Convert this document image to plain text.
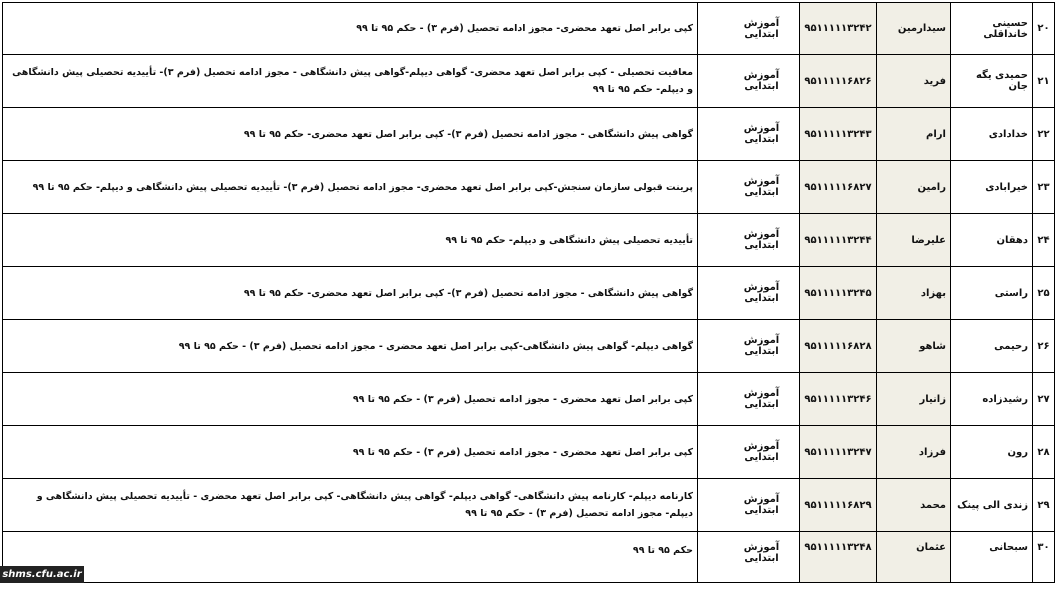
۲۰	حسینی خانداقلی	سیدارمین	۹۵۱۱۱۱۱۳۲۴۲	آموزش ابتدایی	کپی برابر اصل تعهد محضری- مجوز ادامه تحصیل (فرم ۳) - حکم ۹۵ تا ۹۹
۲۱	حمیدی یگه جان	فرید	۹۵۱۱۱۱۱۶۸۲۶	آموزش ابتدایی	معافیت تحصیلی - کپی برابر اصل تعهد محضری- گواهی دیپلم-گواهی پیش دانشگاهی - مجوز ادامه تحصیل (فرم ۳)- تأییدیه تحصیلی پیش دانشگاهی و دیپلم- حکم ۹۵ تا ۹۹
۲۲	خدادادی	ارام	۹۵۱۱۱۱۱۳۲۴۳	آموزش ابتدایی	گواهی پیش دانشگاهی - مجوز ادامه تحصیل (فرم ۳)- کپی برابر اصل تعهد محضری- حکم ۹۵ تا ۹۹
۲۳	خیرابادی	رامین	۹۵۱۱۱۱۱۶۸۲۷	آموزش ابتدایی	پرینت قبولی سازمان سنجش-کپی برابر اصل تعهد محضری- مجوز ادامه تحصیل (فرم ۳)- تأییدیه تحصیلی پیش دانشگاهی و دیپلم- حکم ۹۵ تا ۹۹
۲۴	دهقان	علیرضا	۹۵۱۱۱۱۱۳۲۴۴	آموزش ابتدایی	تأییدیه تحصیلی پیش دانشگاهی و دیپلم- حکم ۹۵ تا ۹۹
۲۵	راستی	بهزاد	۹۵۱۱۱۱۱۳۲۴۵	آموزش ابتدایی	گواهی پیش دانشگاهی - مجوز ادامه تحصیل (فرم ۳)- کپی برابر اصل تعهد محضری- حکم ۹۵ تا ۹۹
۲۶	رحیمی	شاهو	۹۵۱۱۱۱۱۶۸۲۸	آموزش ابتدایی	گواهی دیپلم- گواهی پیش دانشگاهی-کپی برابر اصل تعهد محضری - مجوز ادامه تحصیل (فرم ۳) - حکم ۹۵ تا ۹۹
۲۷	رشیدزاده	زانیار	۹۵۱۱۱۱۱۳۲۴۶	آموزش ابتدایی	کپی برابر اصل تعهد محضری - مجوز ادامه تحصیل (فرم ۳) - حکم ۹۵ تا ۹۹
۲۸	رون	فرزاد	۹۵۱۱۱۱۱۳۲۴۷	آموزش ابتدایی	کپی برابر اصل تعهد محضری - مجوز ادامه تحصیل (فرم ۳) - حکم ۹۵ تا ۹۹
۲۹	زندی الی پینک	محمد	۹۵۱۱۱۱۱۶۸۲۹	آموزش ابتدایی	کارنامه دیپلم- کارنامه پیش دانشگاهی- گواهی دیپلم- گواهی پیش دانشگاهی- کپی برابر اصل تعهد محضری - تأییدیه تحصیلی پیش دانشگاهی و دیپلم- مجوز ادامه تحصیل (فرم ۳) - حکم ۹۵ تا ۹۹
۳۰	سبحانی	عثمان	۹۵۱۱۱۱۱۳۲۴۸	آموزش ابتدایی	حکم ۹۵ تا ۹۹
shms.cfu.ac.ir
